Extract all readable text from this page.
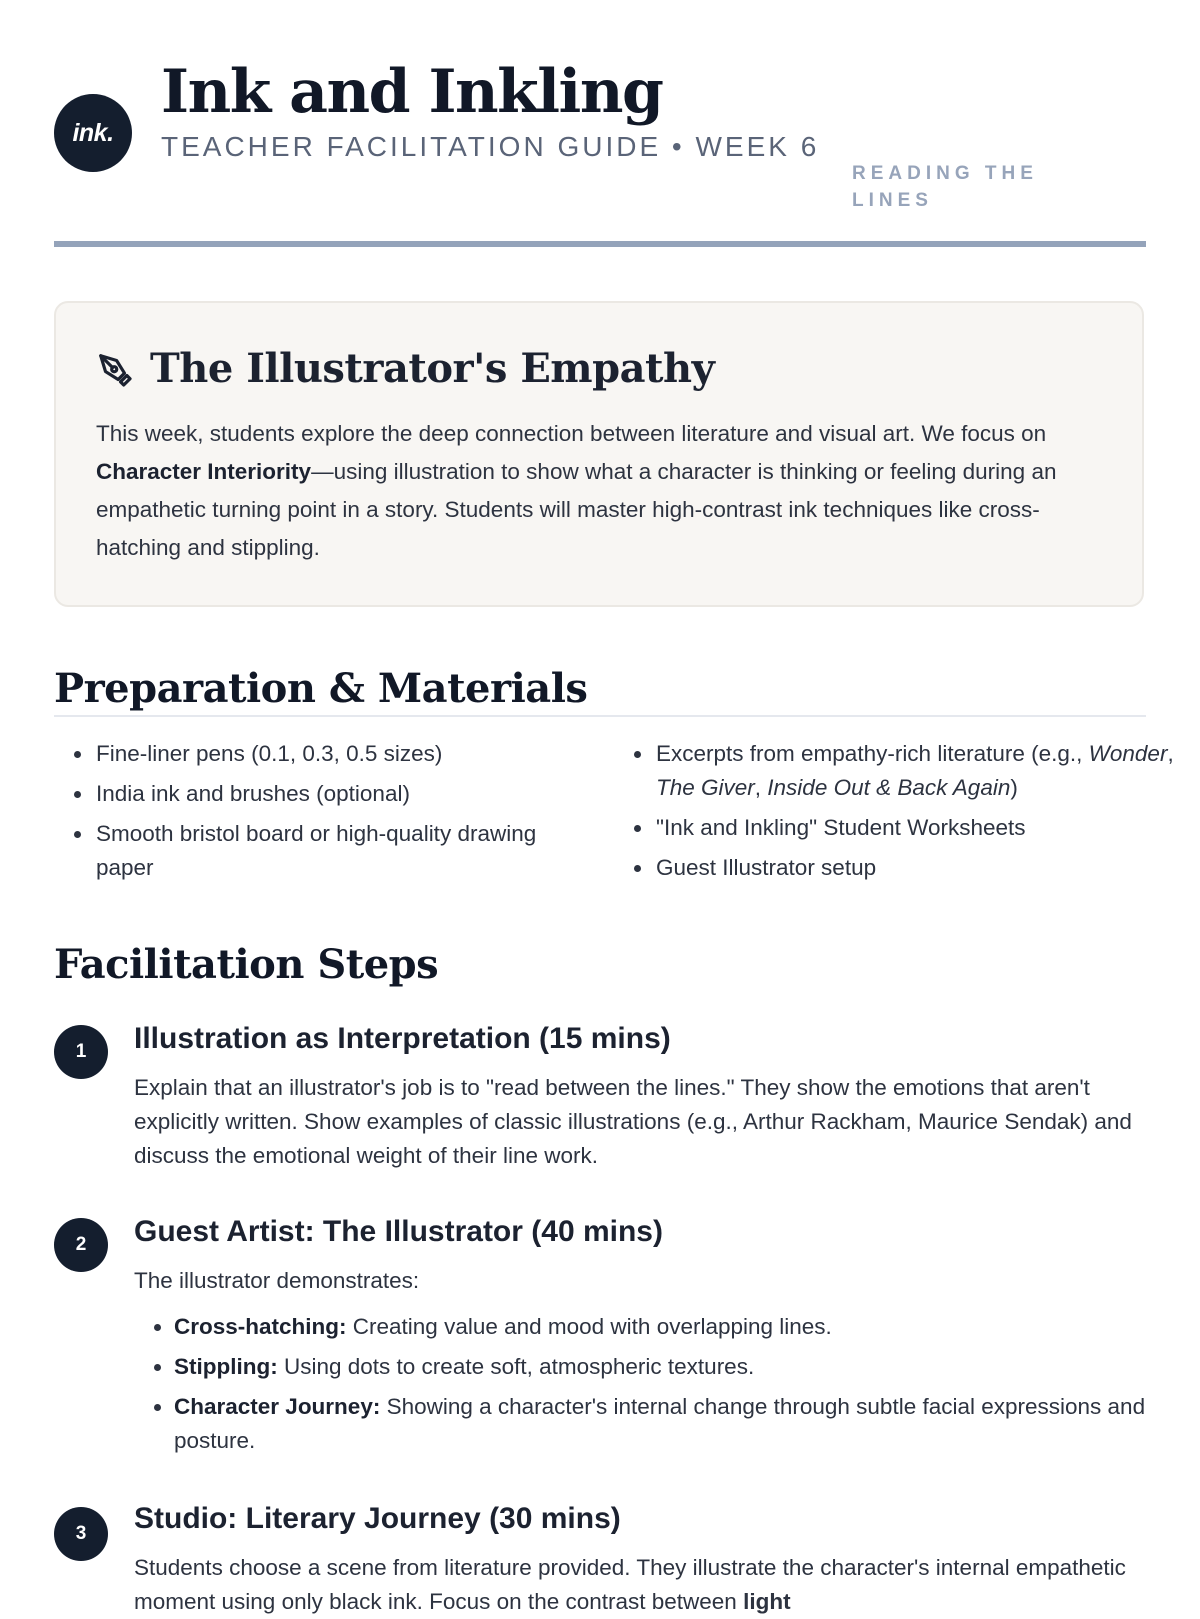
ink.
Ink and Inkling

TEACHER FACILITATION GUIDE • WEEK 6

READING THE LINES

The Illustrator's Empathy

This week, students explore the deep connection between literature and visual art. We focus on Character Interiority—using illustration to show what a character is thinking or feeling during an empathetic turning point in a story. Students will master high-contrast ink techniques like cross-hatching and stippling.

Preparation & Materials
• Fine-liner pens (0.1, 0.3, 0.5 sizes)
• India ink and brushes (optional)
• Smooth bristol board or high-quality drawing paper
• Excerpts from empathy-rich literature (e.g., Wonder, The Giver, Inside Out & Back Again)
• "Ink and Inkling" Student Worksheets
• Guest Illustrator setup
Facilitation Steps
1	Illustration as Interpretation (15 mins)

Explain that an illustrator's job is to "read between the lines." They show the emotions that aren't explicitly written. Show examples of classic illustrations (e.g., Arthur Rackham, Maurice Sendak) and discuss the emotional weight of their line work.

2	Guest Artist: The Illustrator (40 mins)

The illustrator demonstrates:

• Cross-hatching: Creating value and mood with overlapping lines.
• Stippling: Using dots to create soft, atmospheric textures.
• Character Journey: Showing a character's internal change through subtle facial expressions and posture.
3	Studio: Literary Journey (30 mins)

Students choose a scene from literature provided. They illustrate the character's internal empathetic moment using only black ink. Focus on the contrast between light
